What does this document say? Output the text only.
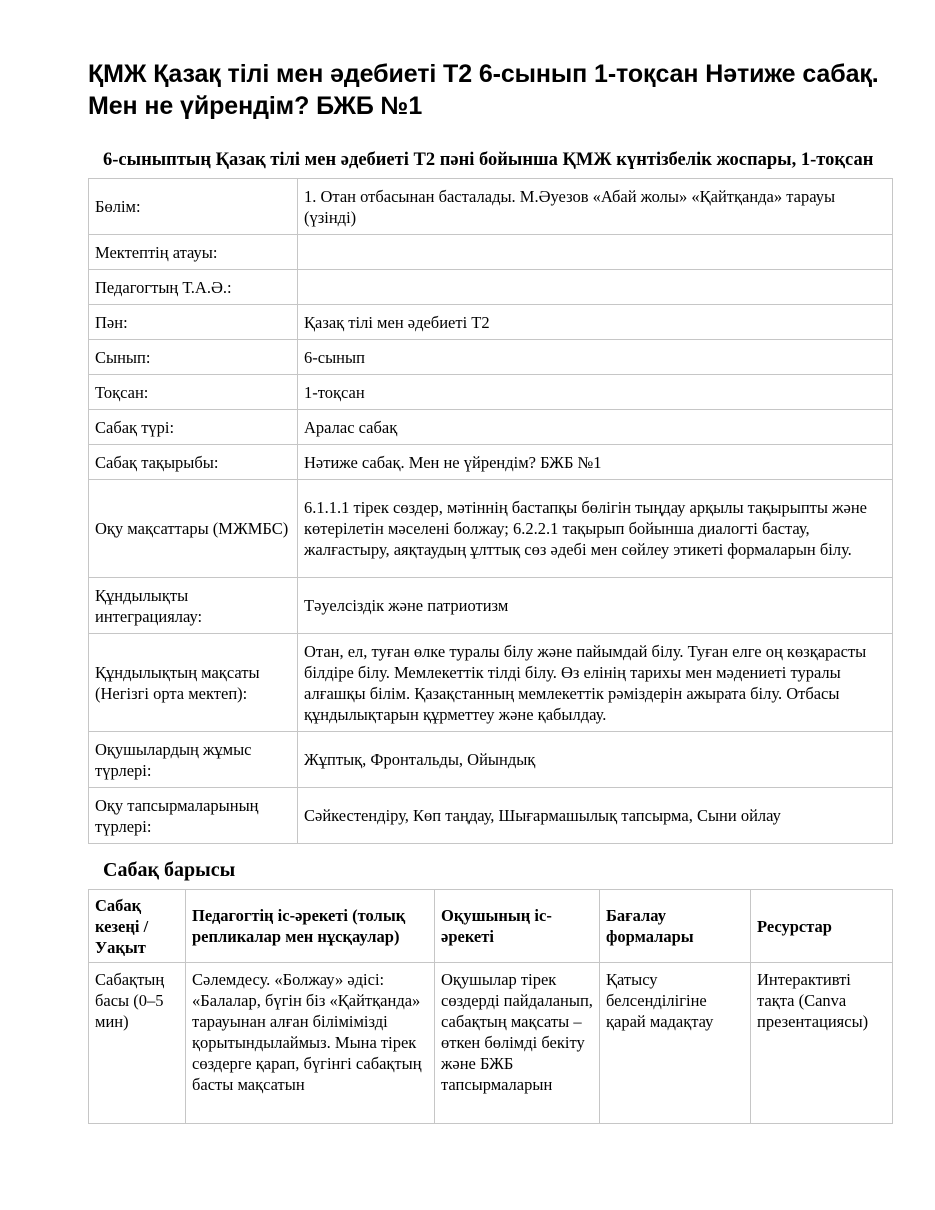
ҚМЖ Қазақ тілі мен әдебиеті Т2 6-сынып 1-тоқсан Нәтиже сабақ. Мен не үйрендім? БЖБ №1
6-сыныптың Қазақ тілі мен әдебиеті Т2 пәні бойынша ҚМЖ күнтізбелік жоспары, 1-тоқсан
Бөлім:	1. Отан отбасынан басталады. М.Әуезов «Абай жолы» «Қайтқанда» тарауы (үзінді)
Мектептің атауы:	
Педагогтың Т.А.Ә.:	
Пән:	Қазақ тілі мен әдебиеті Т2
Сынып:	6-сынып
Тоқсан:	1-тоқсан
Сабақ түрі:	Аралас сабақ
Сабақ тақырыбы:	Нәтиже сабақ. Мен не үйрендім? БЖБ №1
Оқу мақсаттары (МЖМБС)	6.1.1.1 тірек сөздер, мәтіннің бастапқы бөлігін тыңдау арқылы тақырыпты және көтерілетін мәселені болжау; 6.2.2.1 тақырып бойынша диалогті бастау, жалғастыру, аяқтаудың ұлттық сөз әдебі мен сөйлеу этикеті формаларын білу.
Құндылықты интеграциялау:	Тәуелсіздік және патриотизм
Құндылықтың мақсаты (Негізгі орта мектеп):	Отан, ел, туған өлке туралы білу және пайымдай білу. Туған елге оң көзқарасты білдіре білу. Мемлекеттік тілді білу. Өз елінің тарихы мен мәдениеті туралы алғашқы білім. Қазақстанның мемлекеттік рәміздерін ажырата білу. Отбасы құндылықтарын құрметтеу және қабылдау.
Оқушылардың жұмыс түрлері:	Жұптық, Фронтальды, Ойындық
Оқу тапсырмаларының түрлері:	Сәйкестендіру, Көп таңдау, Шығармашылық тапсырма, Сыни ойлау
Сабақ барысы
Сабақ кезеңі / Уақыт	Педагогтің іс-әрекеті (толық репликалар мен нұсқаулар)	Оқушының іс-әрекеті	Бағалау формалары	Ресурстар
Сабақтың басы (0–5 мин)	Сәлемдесу. «Болжау» әдісі: «Балалар, бүгін біз «Қайтқанда» тарауынан алған білімімізді қорытындылаймыз. Мына тірек сөздерге қарап, бүгінгі сабақтың басты мақсатын	Оқушылар тірек сөздерді пайдаланып, сабақтың мақсаты – өткен бөлімді бекіту және БЖБ тапсырмаларын	Қатысу белсенділігіне қарай мадақтау	Интерактивті тақта (Canva презентациясы)
